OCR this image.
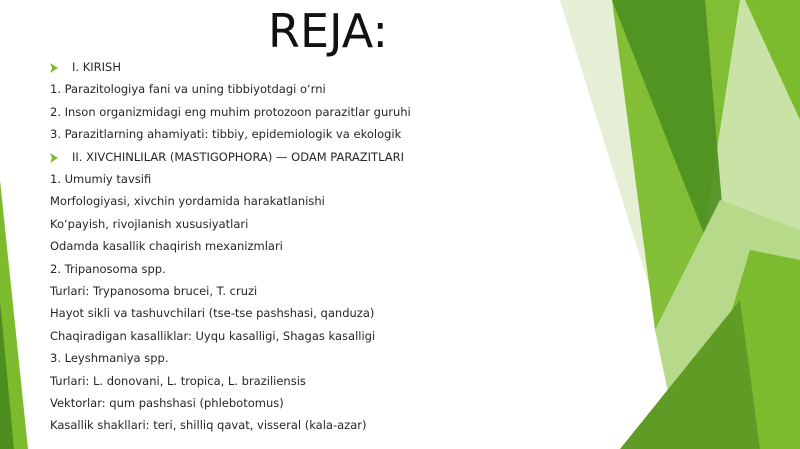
REJA:
I. KIRISH
1. Parazitologiya fani va uning tibbiyotdagi o‘rni
2. Inson organizmidagi eng muhim protozoon parazitlar guruhi
3. Parazitlarning ahamiyati: tibbiy, epidemiologik va ekologik
II. XIVCHINLILAR (MASTIGOPHORA) — ODAM PARAZITLARI
1. Umumiy tavsifi
Morfologiyasi, xivchin yordamida harakatlanishi
Ko‘payish, rivojlanish xususiyatlari
Odamda kasallik chaqirish mexanizmlari
2. Tripanosoma spp.
Turlari: Trypanosoma brucei, T. cruzi
Hayot sikli va tashuvchilari (tse-tse pashshasi, qanduza)
Chaqiradigan kasalliklar: Uyqu kasalligi, Shagas kasalligi
3. Leyshmaniya spp.
Turlari: L. donovani, L. tropica, L. braziliensis
Vektorlar: qum pashshasi (phlebotomus)
Kasallik shakllari: teri, shilliq qavat, visseral (kala-azar)
